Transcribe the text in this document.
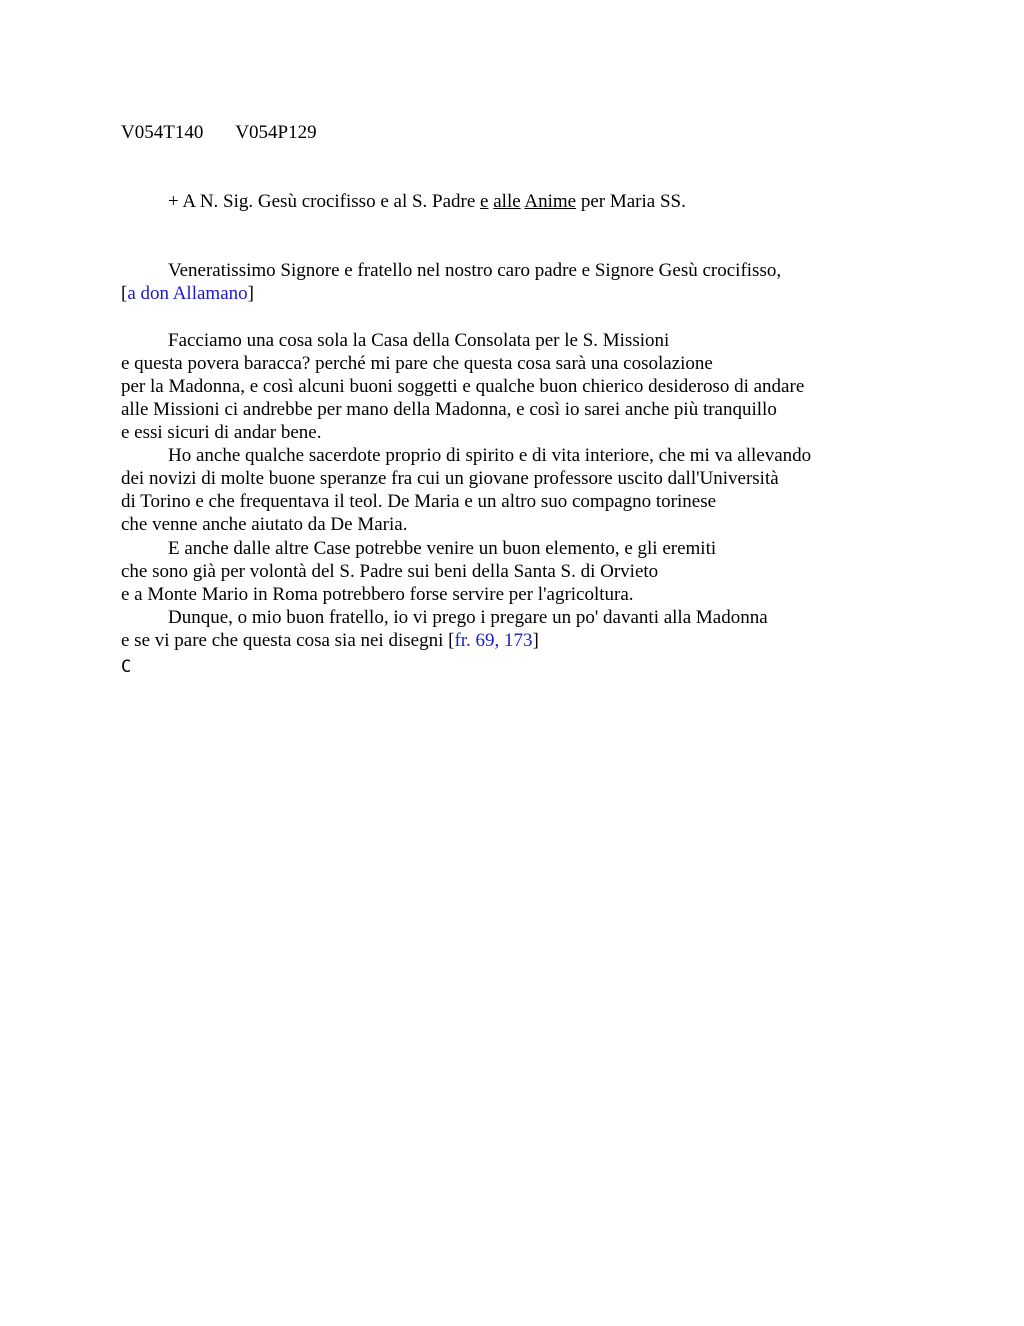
V054T140 V054P129
+ A N. Sig. Gesù crocifisso e al S. Padre e alle Anime per Maria SS.
Veneratissimo Signore e fratello nel nostro caro padre e Signore Gesù crocifisso,
[a don Allamano]
Facciamo una cosa sola la Casa della Consolata per le S. Missioni
e questa povera baracca? perché mi pare che questa cosa sarà una cosolazione
per la Madonna, e così alcuni buoni soggetti e qualche buon chierico desideroso di andare
alle Missioni ci andrebbe per mano della Madonna, e così io sarei anche più tranquillo
e essi sicuri di andar bene.
Ho anche qualche sacerdote proprio di spirito e di vita interiore, che mi va allevando
dei novizi di molte buone speranze fra cui un giovane professore uscito dall'Università
di Torino e che frequentava il teol. De Maria e un altro suo compagno torinese
che venne anche aiutato da De Maria.
E anche dalle altre Case potrebbe venire un buon elemento, e gli eremiti
che sono già per volontà del S. Padre sui beni della Santa S. di Orvieto
e a Monte Mario in Roma potrebbero forse servire per l'agricoltura.
Dunque, o mio buon fratello, io vi prego i pregare un po' davanti alla Madonna
e se vi pare che questa cosa sia nei disegni [fr. 69, 173]
C
